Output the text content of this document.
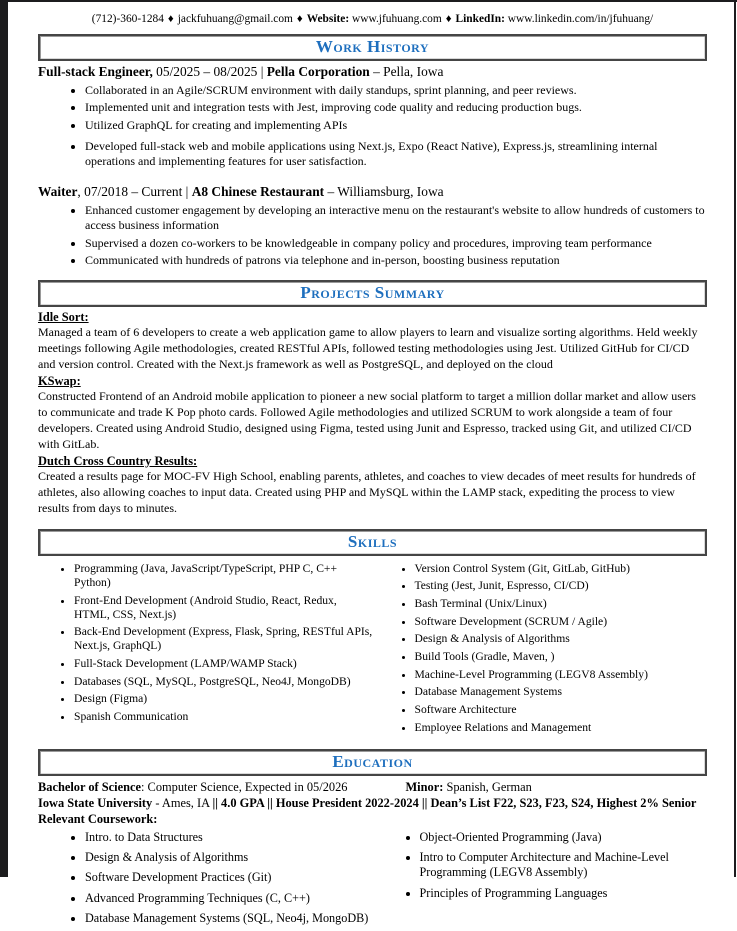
(712)-360-1284 ♦ jackfuhuang@gmail.com ♦ Website: www.jfuhuang.com ♦ LinkedIn: www.linkedin.com/in/jfuhuang/
Work History
Full-stack Engineer, 05/2025 – 08/2025 | Pella Corporation – Pella, Iowa
• Collaborated in an Agile/SCRUM environment with daily standups, sprint planning, and peer reviews.
• Implemented unit and integration tests with Jest, improving code quality and reducing production bugs.
• Utilized GraphQL for creating and implementing APIs
• Developed full-stack web and mobile applications using Next.js, Expo (React Native), Express.js, streamlining internal operations and implementing features for user satisfaction.
Waiter, 07/2018 – Current | A8 Chinese Restaurant – Williamsburg, Iowa
• Enhanced customer engagement by developing an interactive menu on the restaurant's website to allow hundreds of customers to access business information
• Supervised a dozen co-workers to be knowledgeable in company policy and procedures, improving team performance
• Communicated with hundreds of patrons via telephone and in-person, boosting business reputation
Projects Summary
Idle Sort:

Managed a team of 6 developers to create a web application game to allow players to learn and visualize sorting algorithms. Held weekly meetings following Agile methodologies, created RESTful APIs, followed testing methodologies using Jest. Utilized GitHub for CI/CD and version control. Created with the Next.js framework as well as PostgreSQL, and deployed on the cloud

KSwap:

Constructed Frontend of an Android mobile application to pioneer a new social platform to target a million dollar market and allow users to communicate and trade K Pop photo cards. Followed Agile methodologies and utilized SCRUM to work alongside a team of four developers. Created using Android Studio, designed using Figma, tested using Junit and Espresso, tracked using Git, and utilized CI/CD with GitLab.

Dutch Cross Country Results:

Created a results page for MOC-FV High School, enabling parents, athletes, and coaches to view decades of meet results for hundreds of athletes, also allowing coaches to input data. Created using PHP and MySQL within the LAMP stack, expediting the process to view results from days to minutes.

Skills
• Programming (Java, JavaScript/TypeScript, PHP C, C++ Python)
• Front-End Development (Android Studio, React, Redux, HTML, CSS, Next.js)
• Back-End Development (Express, Flask, Spring, RESTful APIs, Next.js, GraphQL)
• Full-Stack Development (LAMP/WAMP Stack)
• Databases (SQL, MySQL, PostgreSQL, Neo4J, MongoDB)
• Design (Figma)
• Spanish Communication
• Version Control System (Git, GitLab, GitHub)
• Testing (Jest, Junit, Espresso, CI/CD)
• Bash Terminal (Unix/Linux)
• Software Development (SCRUM / Agile)
• Design & Analysis of Algorithms
• Build Tools (Gradle, Maven, )
• Machine-Level Programming (LEGV8 Assembly)
• Database Management Systems
• Software Architecture
• Employee Relations and Management
Education
Bachelor of Science: Computer Science, Expected in 05/2026	Minor: Spanish, German
Iowa State University - Ames, IA || 4.0 GPA || House President 2022-2024 || Dean’s List F22, S23, F23, S24, Highest 2% Senior
Relevant Coursework:
• Intro. to Data Structures
• Design & Analysis of Algorithms
• Software Development Practices (Git)
• Advanced Programming Techniques (C, C++)
• Database Management Systems (SQL, Neo4j, MongoDB)
• Object-Oriented Programming (Java)
• Intro to Computer Architecture and Machine-Level Programming (LEGV8 Assembly)
• Principles of Programming Languages
